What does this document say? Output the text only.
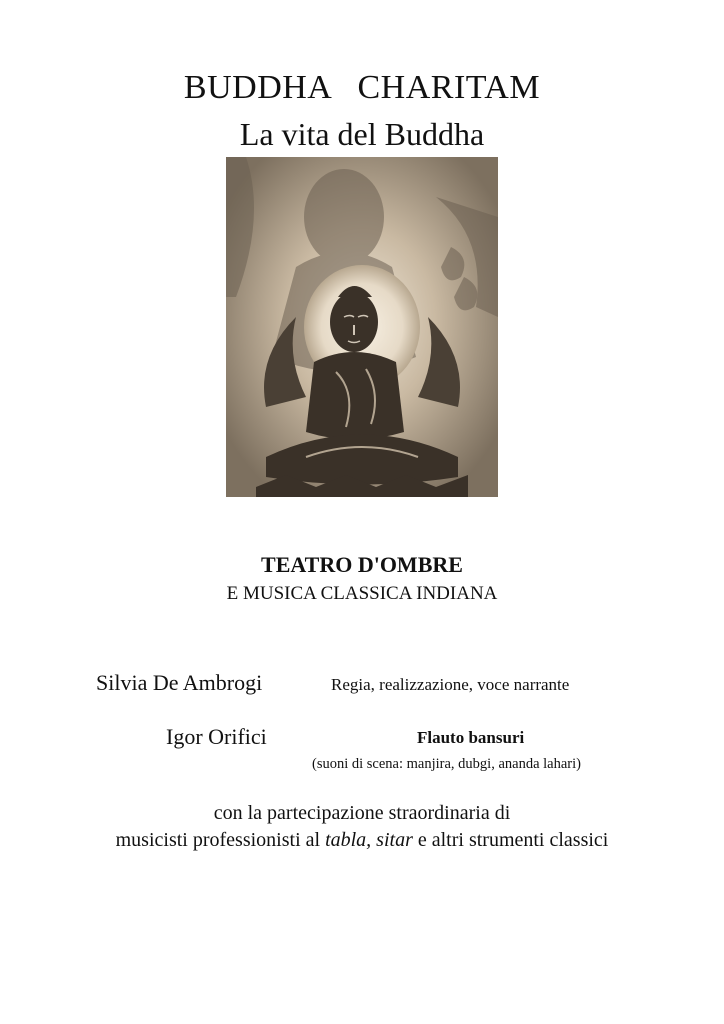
BUDDHA   CHARITAM
La vita del Buddha
TEATRO D'OMBRE
E MUSICA CLASSICA INDIANA
Silvia De Ambrogi	Regia, realizzazione, voce narrante
Igor Orifici	Flauto bansuri
(suoni di scena: manjira, dubgi, ananda lahari)
con la partecipazione straordinaria di
musicisti professionisti al tabla, sitar e altri strumenti classici
